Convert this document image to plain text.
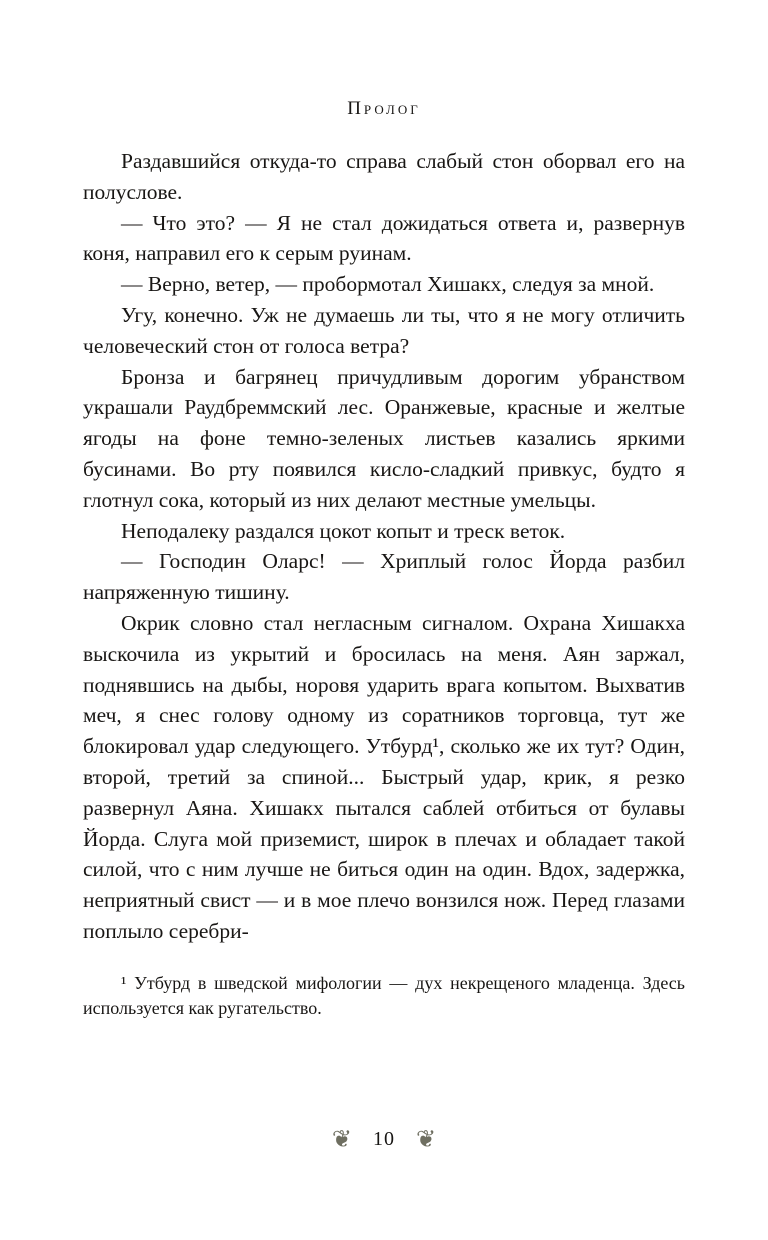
Пролог

Раздавшийся откуда-то справа слабый стон оборвал его на полуслове.

— Что это? — Я не стал дожидаться ответа и, развернув коня, направил его к серым руинам.

— Верно, ветер, — пробормотал Хишакх, следуя за мной.

Угу, конечно. Уж не думаешь ли ты, что я не могу отличить человеческий стон от голоса ветра?

Бронза и багрянец причудливым дорогим убранством украшали Раудбреммский лес. Оранжевые, красные и желтые ягоды на фоне темно-зеленых листьев казались яркими бусинами. Во рту появился кисло-сладкий привкус, будто я глотнул сока, который из них делают местные умельцы.

Неподалеку раздался цокот копыт и треск веток.

— Господин Оларс! — Хриплый голос Йорда разбил напряженную тишину.

Окрик словно стал негласным сигналом. Охрана Хишакха выскочила из укрытий и бросилась на меня. Аян заржал, поднявшись на дыбы, норовя ударить врага копытом. Выхватив меч, я снес голову одному из соратников торговца, тут же блокировал удар следующего. Утбурд¹, сколько же их тут? Один, второй, третий за спиной... Быстрый удар, крик, я резко развернул Аяна. Хишакх пытался саблей отбиться от булавы Йорда. Слуга мой приземист, широк в плечах и обладает такой силой, что с ним лучше не биться один на один. Вдох, задержка, неприятный свист — и в мое плечо вонзился нож. Перед глазами поплыло серебри-

¹ Утбурд в шведской мифологии — дух некрещеного младенца. Здесь используется как ругательство.

❦ 10 ❦
